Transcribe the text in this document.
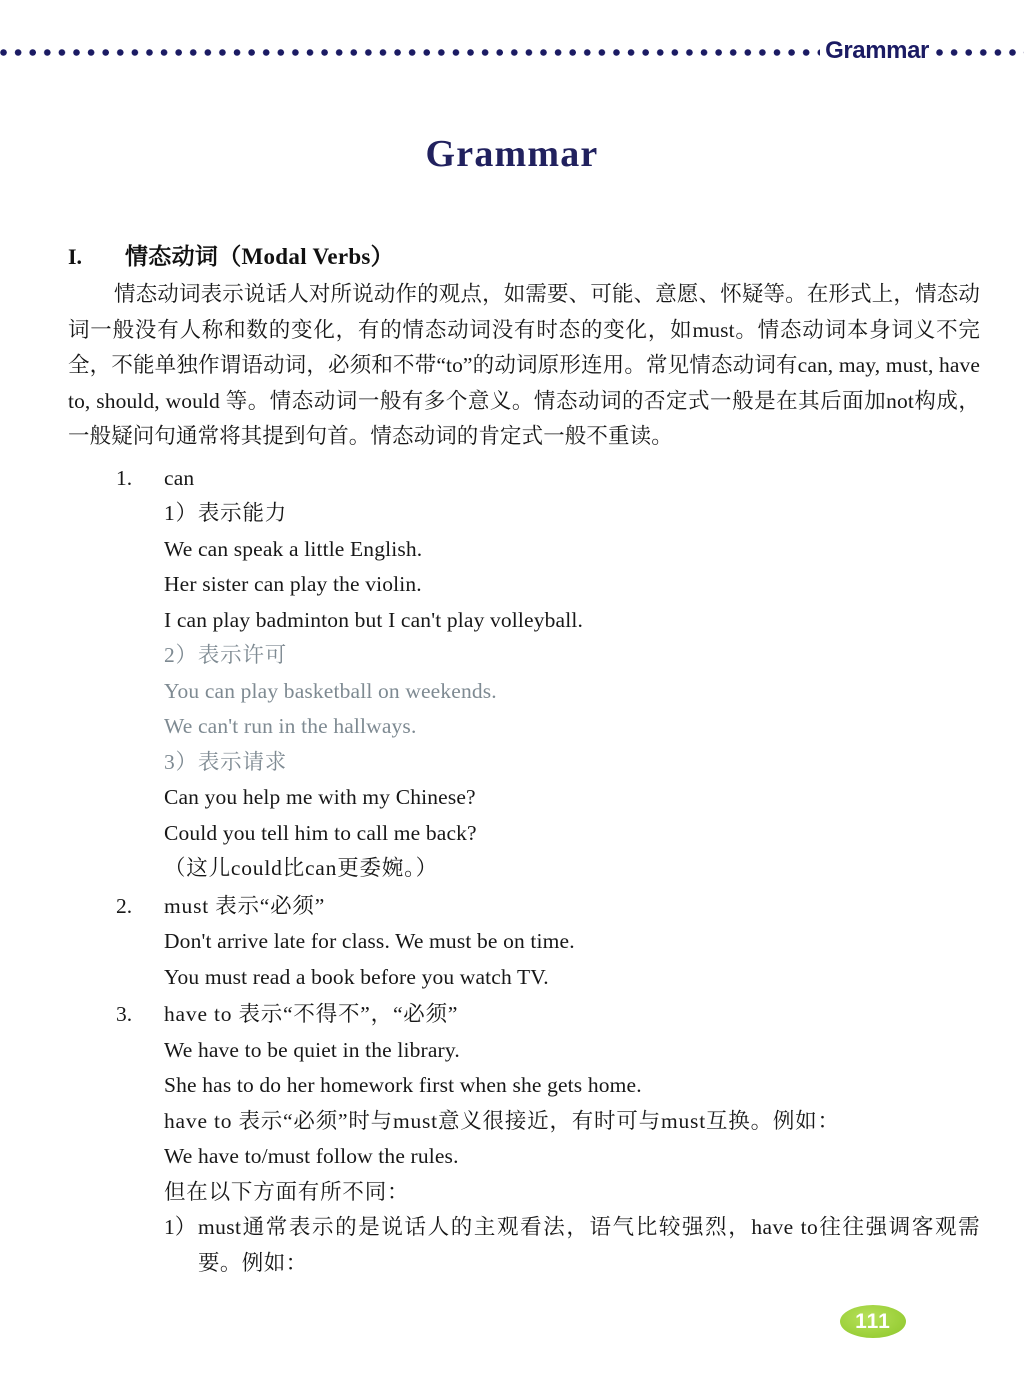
Grammar
Grammar
I.	情态动词（Modal Verbs）

情态动词表示说话人对所说动作的观点，如需要、可能、意愿、怀疑等。在形式上，情态动词一般没有人称和数的变化，有的情态动词没有时态的变化，如must。情态动词本身词义不完全，不能单独作谓语动词，必须和不带“to”的动词原形连用。常见情态动词有can, may, must, have to, should, would 等。情态动词一般有多个意义。情态动词的否定式一般是在其后面加not构成，一般疑问句通常将其提到句首。情态动词的肯定式一般不重读。

1.	can
1）表示能力
We can speak a little English.
Her sister can play the violin.
I can play badminton but I can't play volleyball.
2）表示许可
You can play basketball on weekends.
We can't run in the hallways.
3）表示请求
Can you help me with my Chinese?
Could you tell him to call me back?
（这儿could比can更委婉。）
2.	must 表示“必须”
Don't arrive late for class. We must be on time.
You must read a book before you watch TV.
3.	have to 表示“不得不”，“必须”
We have to be quiet in the library.
She has to do her homework first when she gets home.
have to 表示“必须”时与must意义很接近，有时可与must互换。例如：
We have to/must follow the rules.
但在以下方面有所不同：
1） must通常表示的是说话人的主观看法，语气比较强烈，have to往往强调客观需要。例如：
111
